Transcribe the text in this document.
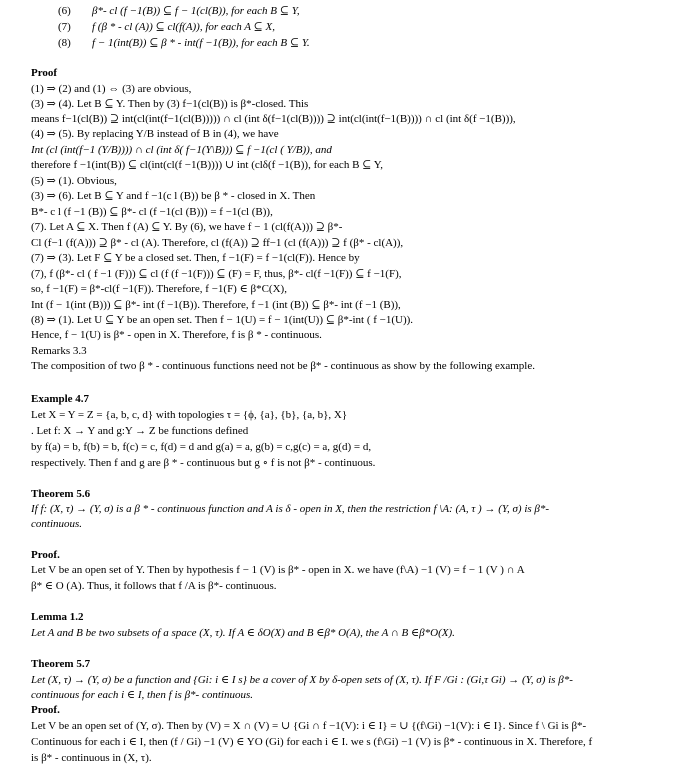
(6) β*- cl (f −1(B)) ⊆ f − 1(cl(B)), for each B ⊆ Y,
(7) f (β * - cl (A)) ⊆ cl(f(A)), for each A ⊆ X,
(8) f − 1(int(B)) ⊆ β * - int(f −1(B)), for each B ⊆ Y.
Proof
(1) ⇒ (2) and (1) ⇔ (3) are obvious,
(3) ⇒ (4). Let B ⊆ Y. Then by (3) f−1(cl(B)) is β*-closed. This
means f−1(cl(B)) ⊇ int(cl(int(f−1(cl(B))))) ∩ cl (int δ(f−1(cl(B)))) ⊇ int(cl(int(f−1(B)))) ∩ cl (int δ(f −1(B))),
(4) ⇒ (5). By replacing Y/B instead of B in (4), we have
Int (cl (int(f−1 (Y/B)))) ∩ cl (int δ( f−1(Y\B))) ⊆ f −1(cl ( Y/B)), and
therefore f −1(int(B)) ⊆ cl(int(cl(f −1(B)))) ∪ int (clδ(f −1(B)), for each B ⊆ Y,
(5) ⇒ (1). Obvious,
(3) ⇒ (6). Let B ⊆ Y and f −1(c l (B)) be β * - closed in X. Then
B*- c l (f −1 (B)) ⊆ β*- cl (f −1(cl (B))) = f −1(cl (B)),
(7). Let A ⊆ X. Then f (A) ⊆ Y. By (6), we have f − 1 (cl(f(A))) ⊇ β*-
Cl (f−1 (f(A))) ⊇ β* - cl (A). Therefore, cl (f(A)) ⊇ ff−1 (cl (f(A))) ⊇ f (β* - cl(A)),
(7) ⇒ (3). Let F ⊆ Y be a closed set. Then, f −1(F) = f −1(cl(F)). Hence by
(7), f (β*- cl ( f −1 (F))) ⊆ cl (f (f −1(F))) ⊆ (F) = F, thus, β*- cl(f −1(F)) ⊆ f −1(F),
so, f −1(F) = β*-cl(f −1(F)). Therefore, f −1(F) ∈ β*C(X),
Int (f − 1(int (B))) ⊆ β*- int (f −1(B)). Therefore, f −1 (int (B)) ⊆ β*- int (f −1 (B)),
(8) ⇒ (1). Let U ⊆ Y be an open set. Then f − 1(U) = f − 1(int(U)) ⊆ β*-int ( f −1(U)).
Hence, f − 1(U) is β* - open in X. Therefore, f is β * - continuous.
Remarks 3.3
The composition of two β * - continuous functions need not be β* - continuous as show by the following example.
Example 4.7
Let X = Y = Z = {a, b, c, d} with topologies τ = {ϕ, {a}, {b}, {a, b}, X}
. Let f: X → Y and g:Y → Z be functions defined
by f(a) = b, f(b) = b, f(c) = c, f(d) = d and g(a) = a, g(b) = c,g(c) = a, g(d) = d,
respectively. Then f and g are β * - continuous but g ∘ f is not β* - continuous.
Theorem 5.6
If f: (X, τ) → (Y, σ) is a β * - continuous function and A is δ - open in X, then the restriction f \A: (A, τ ) → (Y, σ) is β*-
continuous.
Proof.
Let V be an open set of Y. Then by hypothesis f − 1 (V) is β* - open in X. we have (f\A) −1 (V) = f − 1 (V ) ∩ A
β* ∈ O (A). Thus, it follows that f /A is β*- continuous.
Lemma 1.2
Let A and B be two subsets of a space (X, τ). If A ∈ δO(X) and B ∈β* O(A), the A ∩ B ∈β*O(X).
Theorem 5.7
Let (X, τ) → (Y, σ) be a function and {Gi: i ∈ I s} be a cover of X by δ-open sets of (X, τ). If F /Gi : (Gi,τ Gi) → (Y, σ) is β*-
continuous for each i ∈ I, then f is β*- continuous.
Proof.
Let V be an open set of (Y, σ). Then by (V) = X ∩ (V) = ∪ {Gi ∩ f −1(V): i ∈ I} = ∪ {(f\Gi) −1(V): i ∈ I}. Since f \ Gi is β*-
Continuous for each i ∈ I, then (f / Gi) −1 (V) ∈ YO (Gi) for each i ∈ I. we s (f\Gi) −1 (V) is β* - continuous in X. Therefore, f
is β* - continuous in (X, τ).
